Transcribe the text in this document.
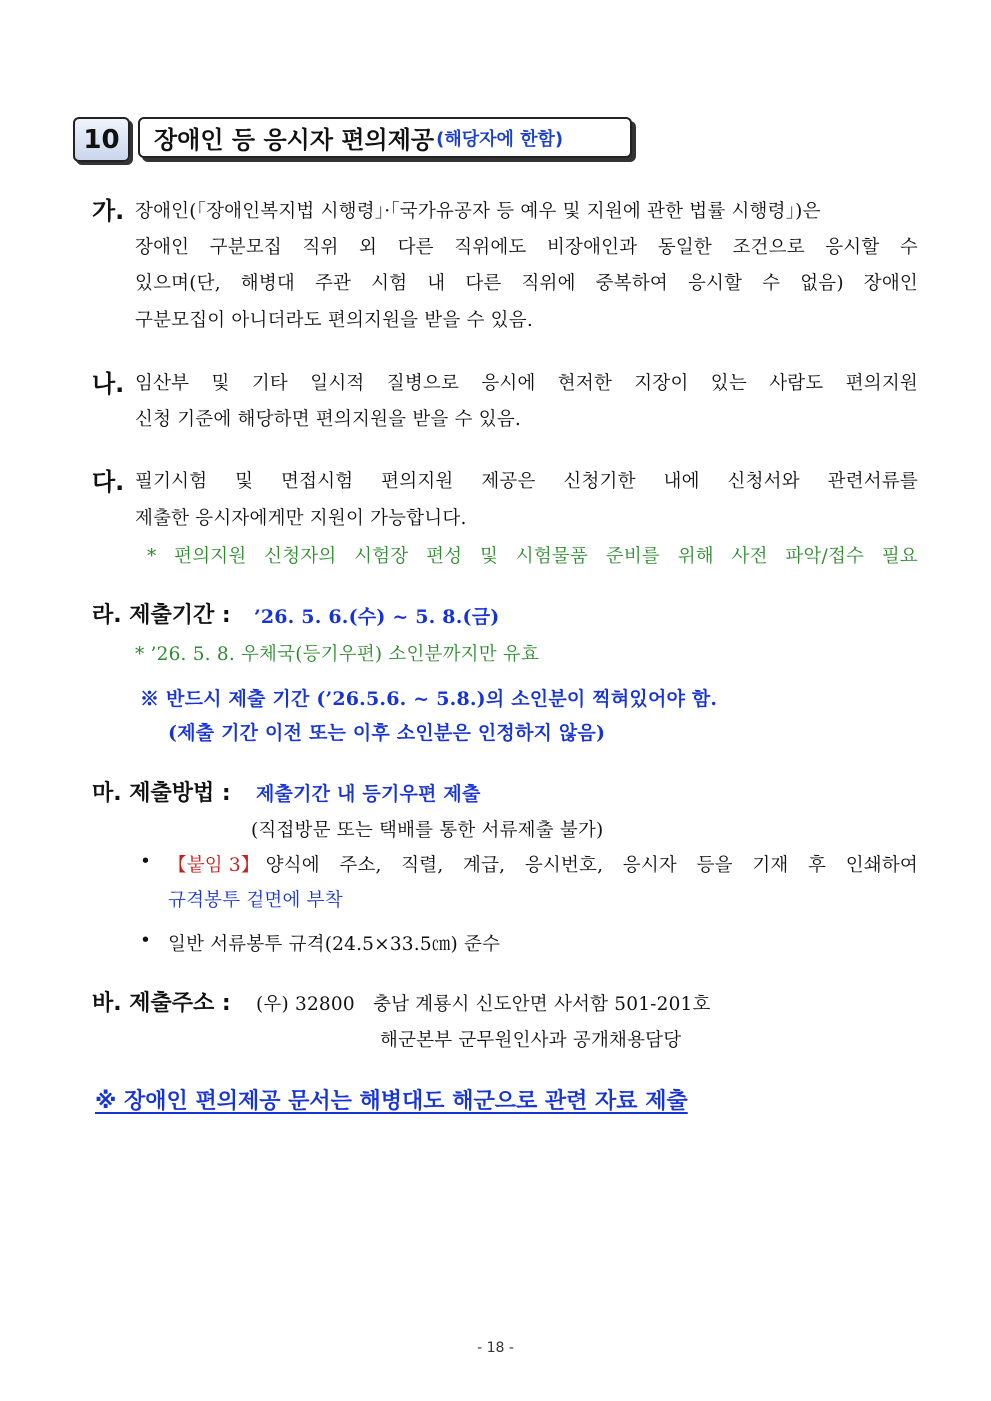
10 장애인 등 응시자 편의제공 (해당자에 한함)
가. 장애인(「장애인복지법 시행령」·「국가유공자 등 예우 및 지원에 관한 법률 시행령」)은
장애인 구분모집 직위 외 다른 직위에도 비장애인과 동일한 조건으로 응시할 수
있으며(단, 해병대 주관 시험 내 다른 직위에 중복하여 응시할 수 없음) 장애인
구분모집이 아니더라도 편의지원을 받을 수 있음.
나. 임산부 및 기타 일시적 질병으로 응시에 현저한 지장이 있는 사람도 편의지원
신청 기준에 해당하면 편의지원을 받을 수 있음.
다. 필기시험 및 면접시험 편의지원 제공은 신청기한 내에 신청서와 관련서류를
제출한 응시자에게만 지원이 가능합니다.
* 편의지원 신청자의 시험장 편성 및 시험물품 준비를 위해 사전 파악/접수 필요
라. 제출기간 : ’26. 5. 6.(수) ~ 5. 8.(금)
* ’26. 5. 8. 우체국(등기우편) 소인분까지만 유효
※ 반드시 제출 기간 (’26.5.6. ~ 5.8.)의 소인분이 찍혀있어야 함.
(제출 기간 이전 또는 이후 소인분은 인정하지 않음)
마. 제출방법 : 제출기간 내 등기우편 제출
(직접방문 또는 택배를 통한 서류제출 불가)
• 【붙임 3】 양식에 주소, 직렬, 계급, 응시번호, 응시자 등을 기재 후 인쇄하여
규격봉투 겉면에 부착
• 일반 서류봉투 규격(24.5×33.5㎝) 준수
바. 제출주소 : (우) 32800   충남 계룡시 신도안면 사서함 501-201호
해군본부 군무원인사과 공개채용담당
※ 장애인 편의제공 문서는 해병대도 해군으로 관련 자료 제출
- 18 -
